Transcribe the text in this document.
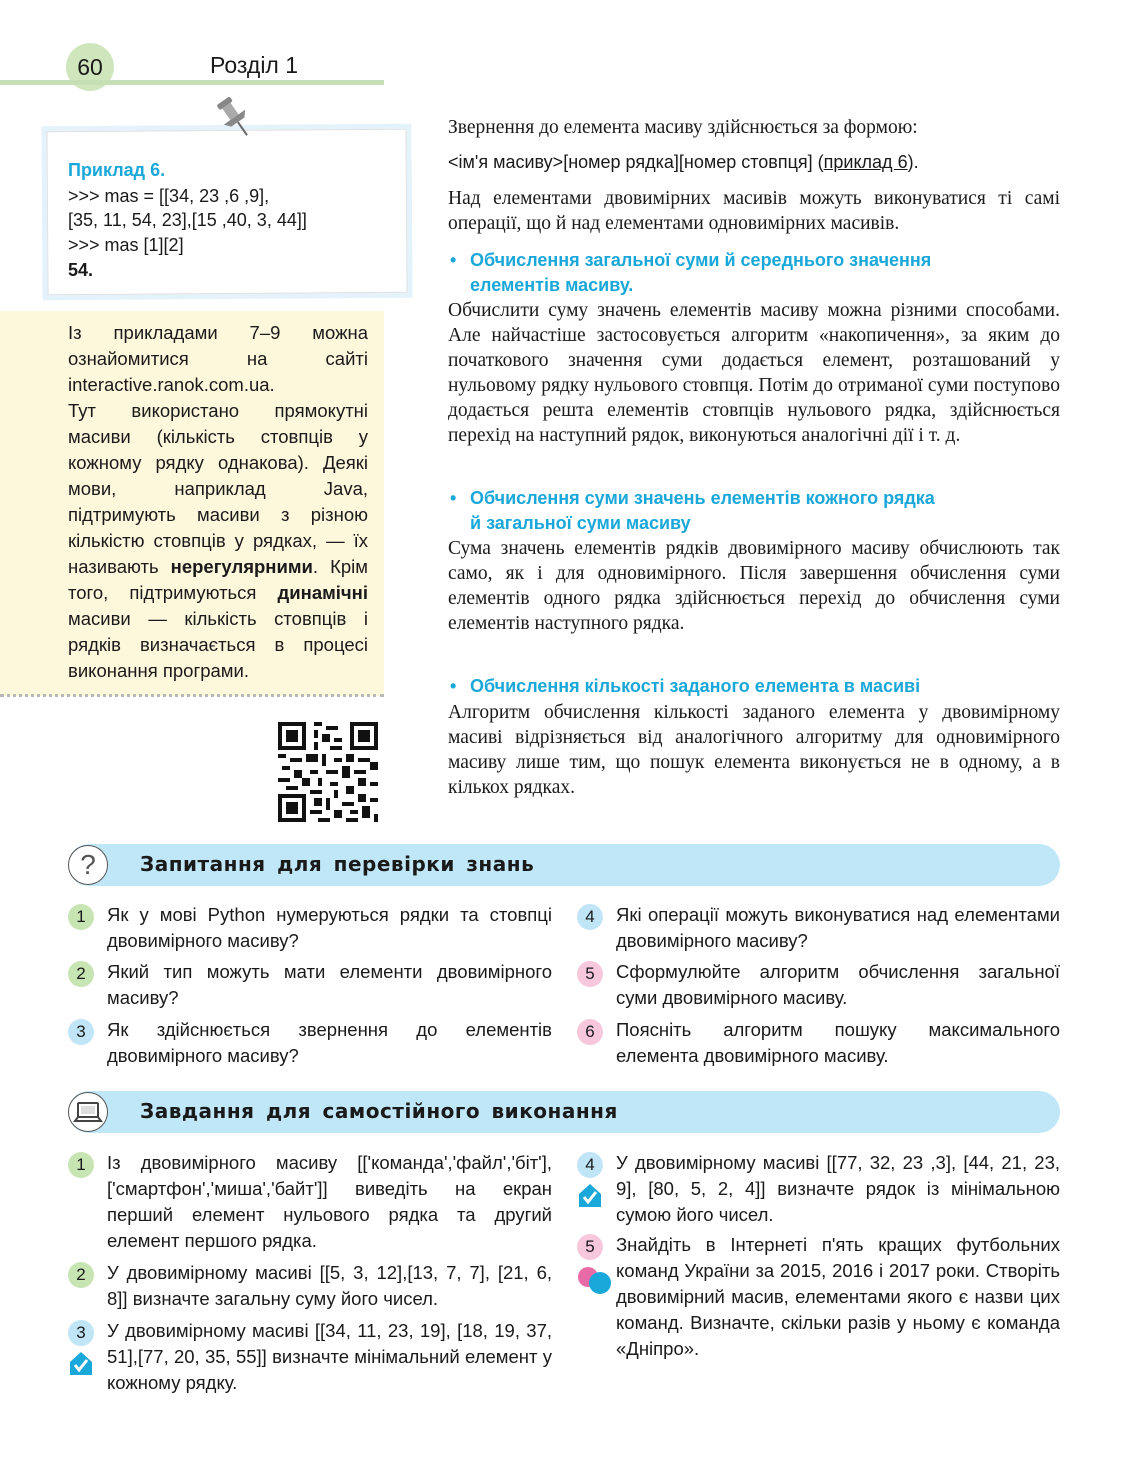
60	Розділ 1
Приклад 6.
>>> mas = [[34, 23 ,6 ,9],
[35, 11, 54, 23],[15 ,40, 3, 44]]
>>> mas [1][2]
54.

Із прикладами 7–9 можна ознайомитися на сайті interactive.ranok.com.ua.

Тут використано прямокутні масиви (кількість стовпців у кожному рядку однакова). Деякі мови, наприклад Java, підтримують масиви з різною кількістю стовпців у рядках, — їх називають нерегулярними. Крім того, підтримуються динамічні масиви — кількість стовпців і рядків визначається в процесі виконання програми.

Звернення до елемента масиву здійснюється за формою:

<ім'я масиву>[номер рядка][номер стовпця] (приклад 6).

Над елементами двовимірних масивів можуть виконуватися ті самі операції, що й над елементами одновимірних масивів.

• Обчислення загальної суми й середнього значення елементів масиву.

Обчислити суму значень елементів масиву можна різними способами. Але найчастіше застосовується алгоритм «накопичення», за яким до початкового значення суми додається елемент, розташований у нульовому рядку нульового стовпця. Потім до отриманої суми поступово додається решта елементів стовпців нульового рядка, здійснюється перехід на наступний рядок, виконуються аналогічні дії і т. д.

• Обчислення суми значень елементів кожного рядка
й загальної суми масиву

Сума значень елементів рядків двовимірного масиву обчислюють так само, як і для одновимірного. Після завершення обчислення суми елементів одного рядка здійснюється перехід до обчислення суми елементів наступного рядка.

• Обчислення кількості заданого елемента в масиві

Алгоритм обчислення кількості заданого елемента у двовимірному масиві відрізняється від аналогічного алгоритму для одновимірного масиву лише тим, що пошук елемента виконується не в одному, а в кількох рядках.

?	Запитання для перевірки знань
1	Як у мові Python нумеруються рядки та стовпці двовимірного масиву?
2	Який тип можуть мати елементи двовимірного масиву?
3	Як здійснюється звернення до елементів двовимірного масиву?
4	Які операції можуть виконуватися над елементами двовимірного масиву?
5	Сформулюйте алгоритм обчислення загальної суми двовимірного масиву.
6	Поясніть алгоритм пошуку максимального елемента двовимірного масиву.
Завдання для самостійного виконання
1	Із двовимірного масиву [['команда','файл','біт'], ['смартфон','миша','байт']] виведіть на екран перший елемент нульового рядка та другий елемент першого рядка.
2	У двовимірному масиві [[5, 3, 12],[13, 7, 7], [21, 6, 8]] визначте загальну суму його чисел.
3	У двовимірному масиві [[34, 11, 23, 19], [18, 19, 37, 51],[77, 20, 35, 55]] визначте мінімальний елемент у кожному рядку.
4	У двовимірному масиві [[77, 32, 23 ,3], [44, 21, 23, 9], [80, 5, 2, 4]] визначте рядок із мінімальною сумою його чисел.
5	Знайдіть в Інтернеті п'ять кращих футбольних команд України за 2015, 2016 і 2017 роки. Створіть двовимірний масив, елементами якого є назви цих команд. Визначте, скільки разів у ньому є команда «Дніпро».
